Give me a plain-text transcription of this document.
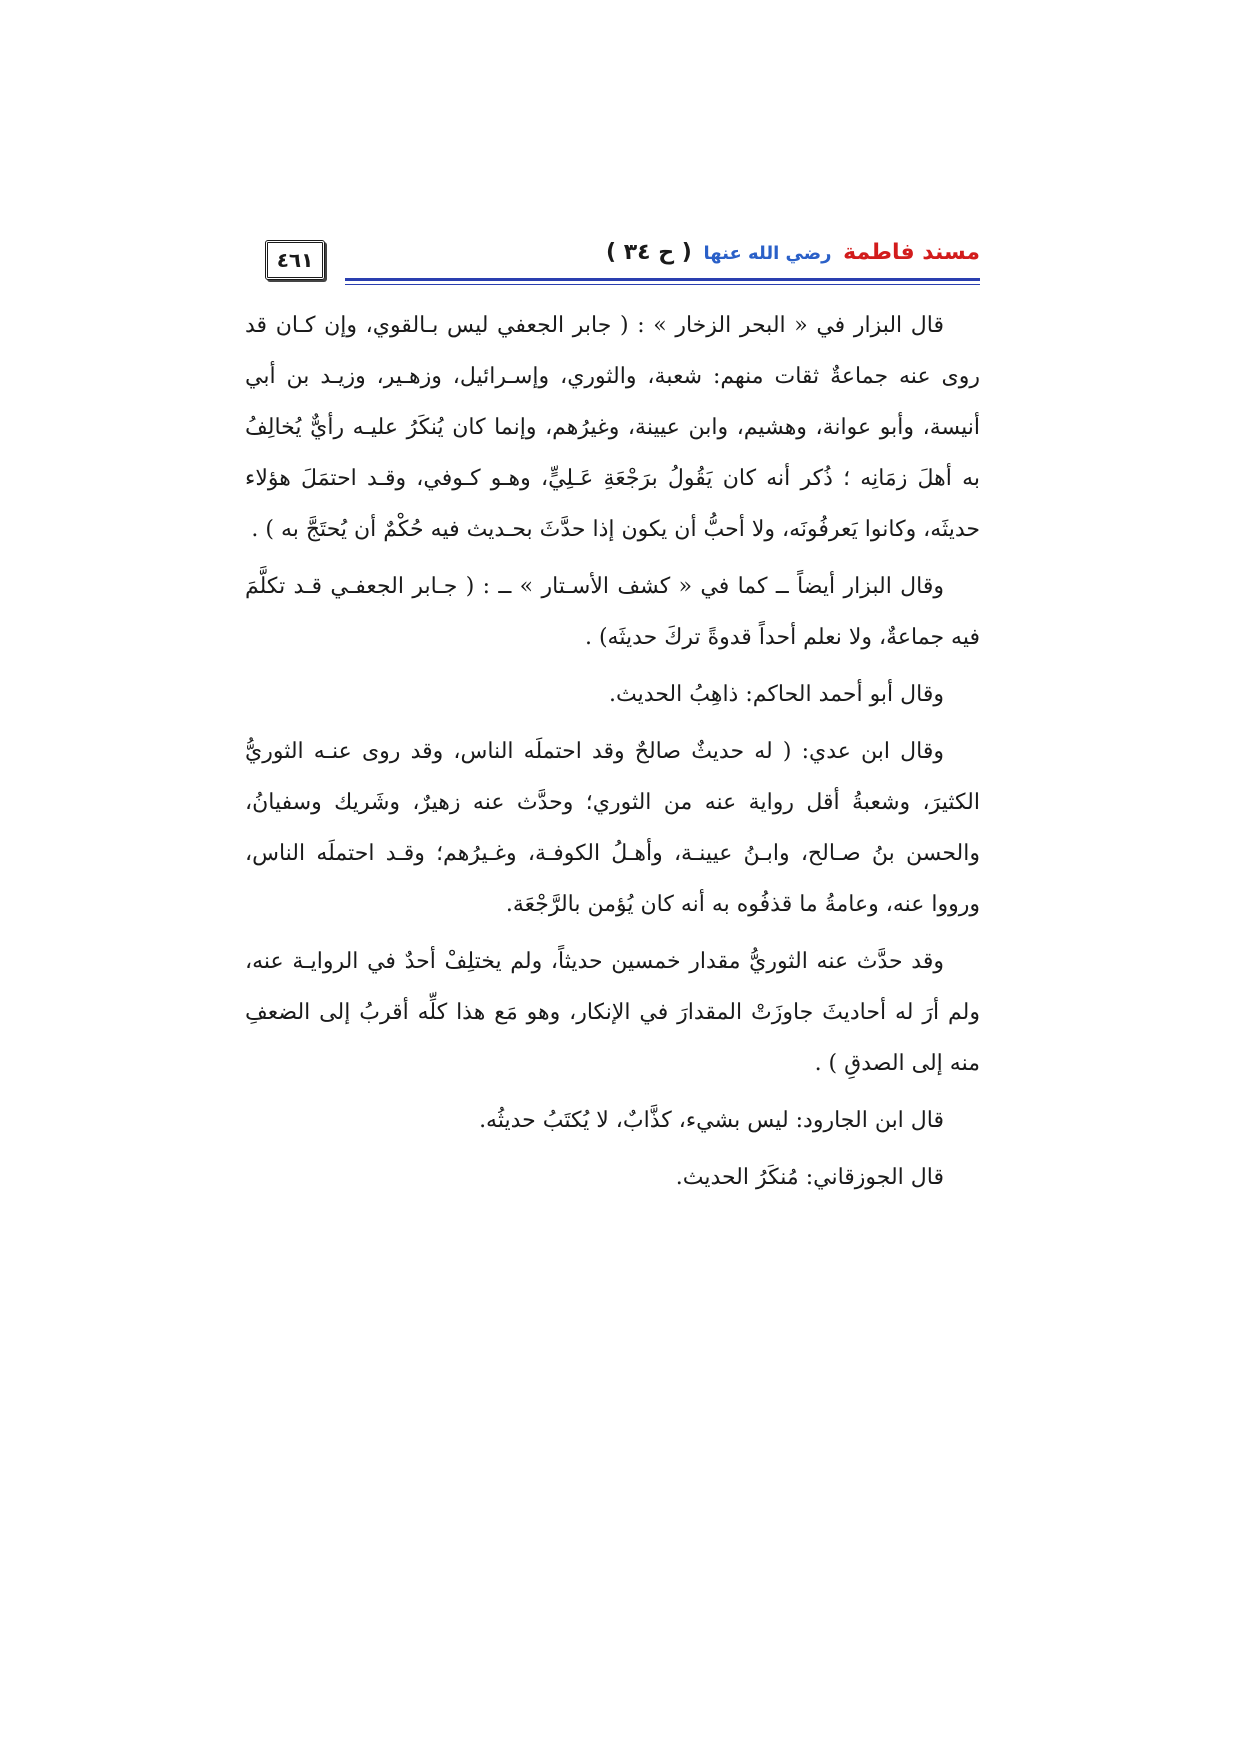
٤٦١	مسند فاطمة رضي الله عنها ( ح ٣٤ )

قال البزار في « البحر الزخار » : ( جابر الجعفي ليس بـالقوي، وإن كـان قد روى عنه جماعةٌ ثقات منهم: شعبة، والثوري، وإسـرائيل، وزهـير، وزيـد بن أبي أنيسة، وأبو عوانة، وهشيم، وابن عيينة، وغيرُهم، وإنما كان يُنكَرُ عليـه رأيٌّ يُخالِفُ به أهلَ زمَانِه ؛ ذُكر أنه كان يَقُولُ برَجْعَةِ عَـلِيٍّ، وهـو كـوفي، وقـد احتمَلَ هؤلاء حديثَه، وكانوا يَعرفُونَه، ولا أحبُّ أن يكون إذا حدَّثَ بحـديث فيه حُكْمٌ أن يُحتَجَّ به ) .

وقال البزار أيضاً ــ كما في « كشف الأسـتار » ــ : ( جـابر الجعفـي قـد تكلَّمَ فيه جماعةٌ، ولا نعلم أحداً قدوةً تركَ حديثَه) .

وقال أبو أحمد الحاكم: ذاهِبُ الحديث.

وقال ابن عدي: ( له حديثٌ صالحٌ وقد احتملَه الناس، وقد روى عنـه الثوريُّ الكثيرَ، وشعبةُ أقل رواية عنه من الثوري؛ وحدَّث عنه زهيرٌ، وشَريك وسفيانُ، والحسن بنُ صـالح، وابـنُ عيينـة، وأهـلُ الكوفـة، وغـيرُهم؛ وقـد احتملَه الناس، ورووا عنه، وعامةُ ما قذفُوه به أنه كان يُؤمن بالرَّجْعَة.

وقد حدَّث عنه الثوريُّ مقدار خمسين حديثاً، ولم يختلِفْ أحدٌ في الروايـة عنه، ولم أرَ له أحاديثَ جاوزَتْ المقدارَ في الإنكار، وهو مَع هذا كلِّه أقربُ إلى الضعفِ منه إلى الصدقِ ) .

قال ابن الجارود: ليس بشيء، كذَّابٌ، لا يُكتَبُ حديثُه.

قال الجوزقاني: مُنكَرُ الحديث.
